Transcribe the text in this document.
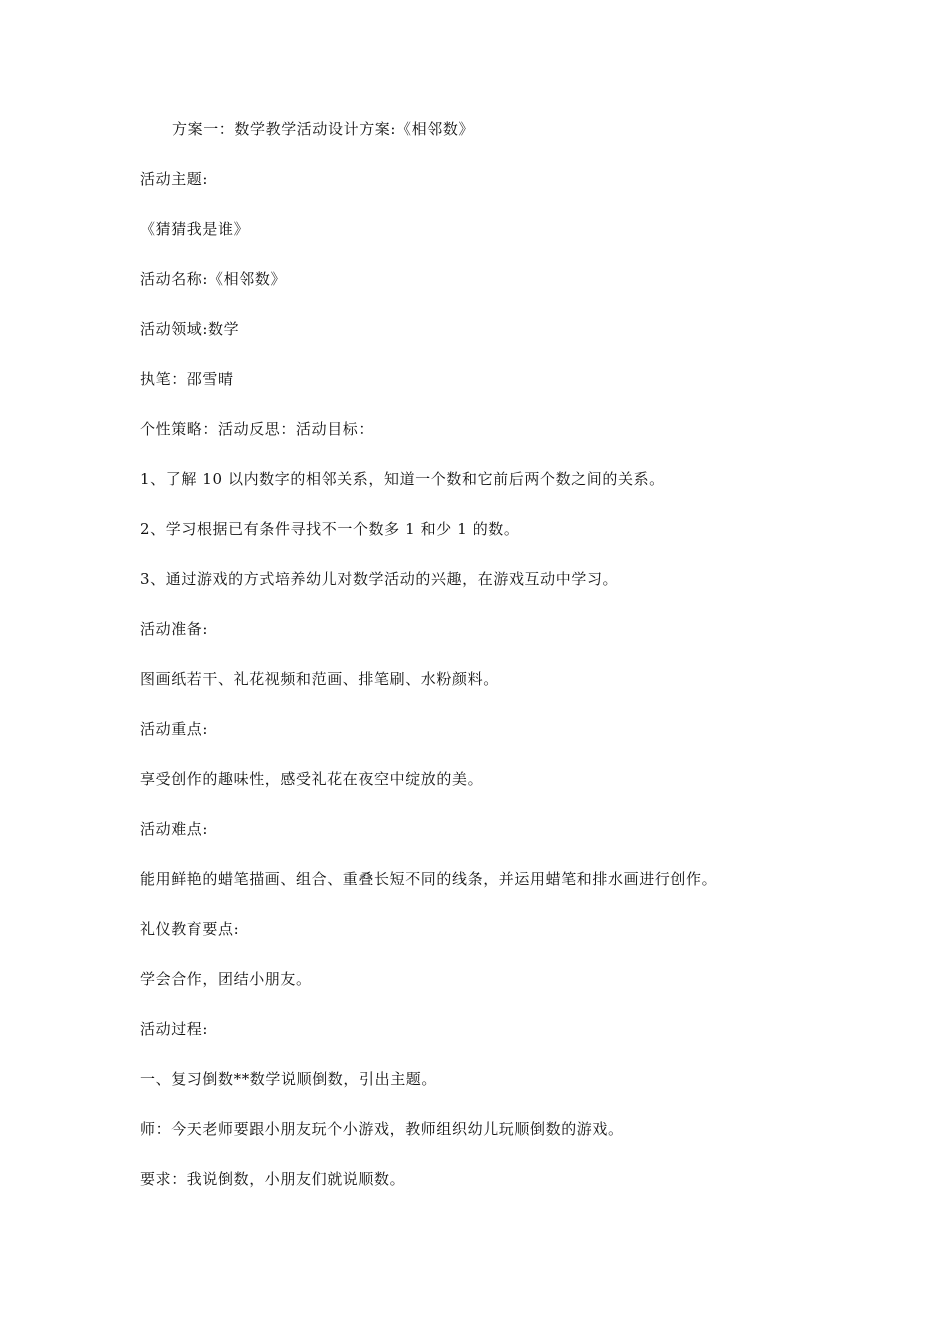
方案一：数学教学活动设计方案:《相邻数》

活动主题:

《猜猜我是谁》

活动名称:《相邻数》

活动领域:数学

执笔：邵雪晴

个性策略：活动反思：活动目标：

1、了解 10 以内数字的相邻关系，知道一个数和它前后两个数之间的关系。

2、学习根据已有条件寻找不一个数多 1 和少 1 的数。

3、通过游戏的方式培养幼儿对数学活动的兴趣，在游戏互动中学习。

活动准备:

图画纸若干、礼花视频和范画、排笔刷、水粉颜料。

活动重点:

享受创作的趣味性，感受礼花在夜空中绽放的美。

活动难点:

能用鲜艳的蜡笔描画、组合、重叠长短不同的线条，并运用蜡笔和排水画进行创作。

礼仪教育要点:

学会合作，团结小朋友。

活动过程:

一、复习倒数**数学说顺倒数，引出主题。

师：今天老师要跟小朋友玩个小游戏，教师组织幼儿玩顺倒数的游戏。

要求：我说倒数，小朋友们就说顺数。
